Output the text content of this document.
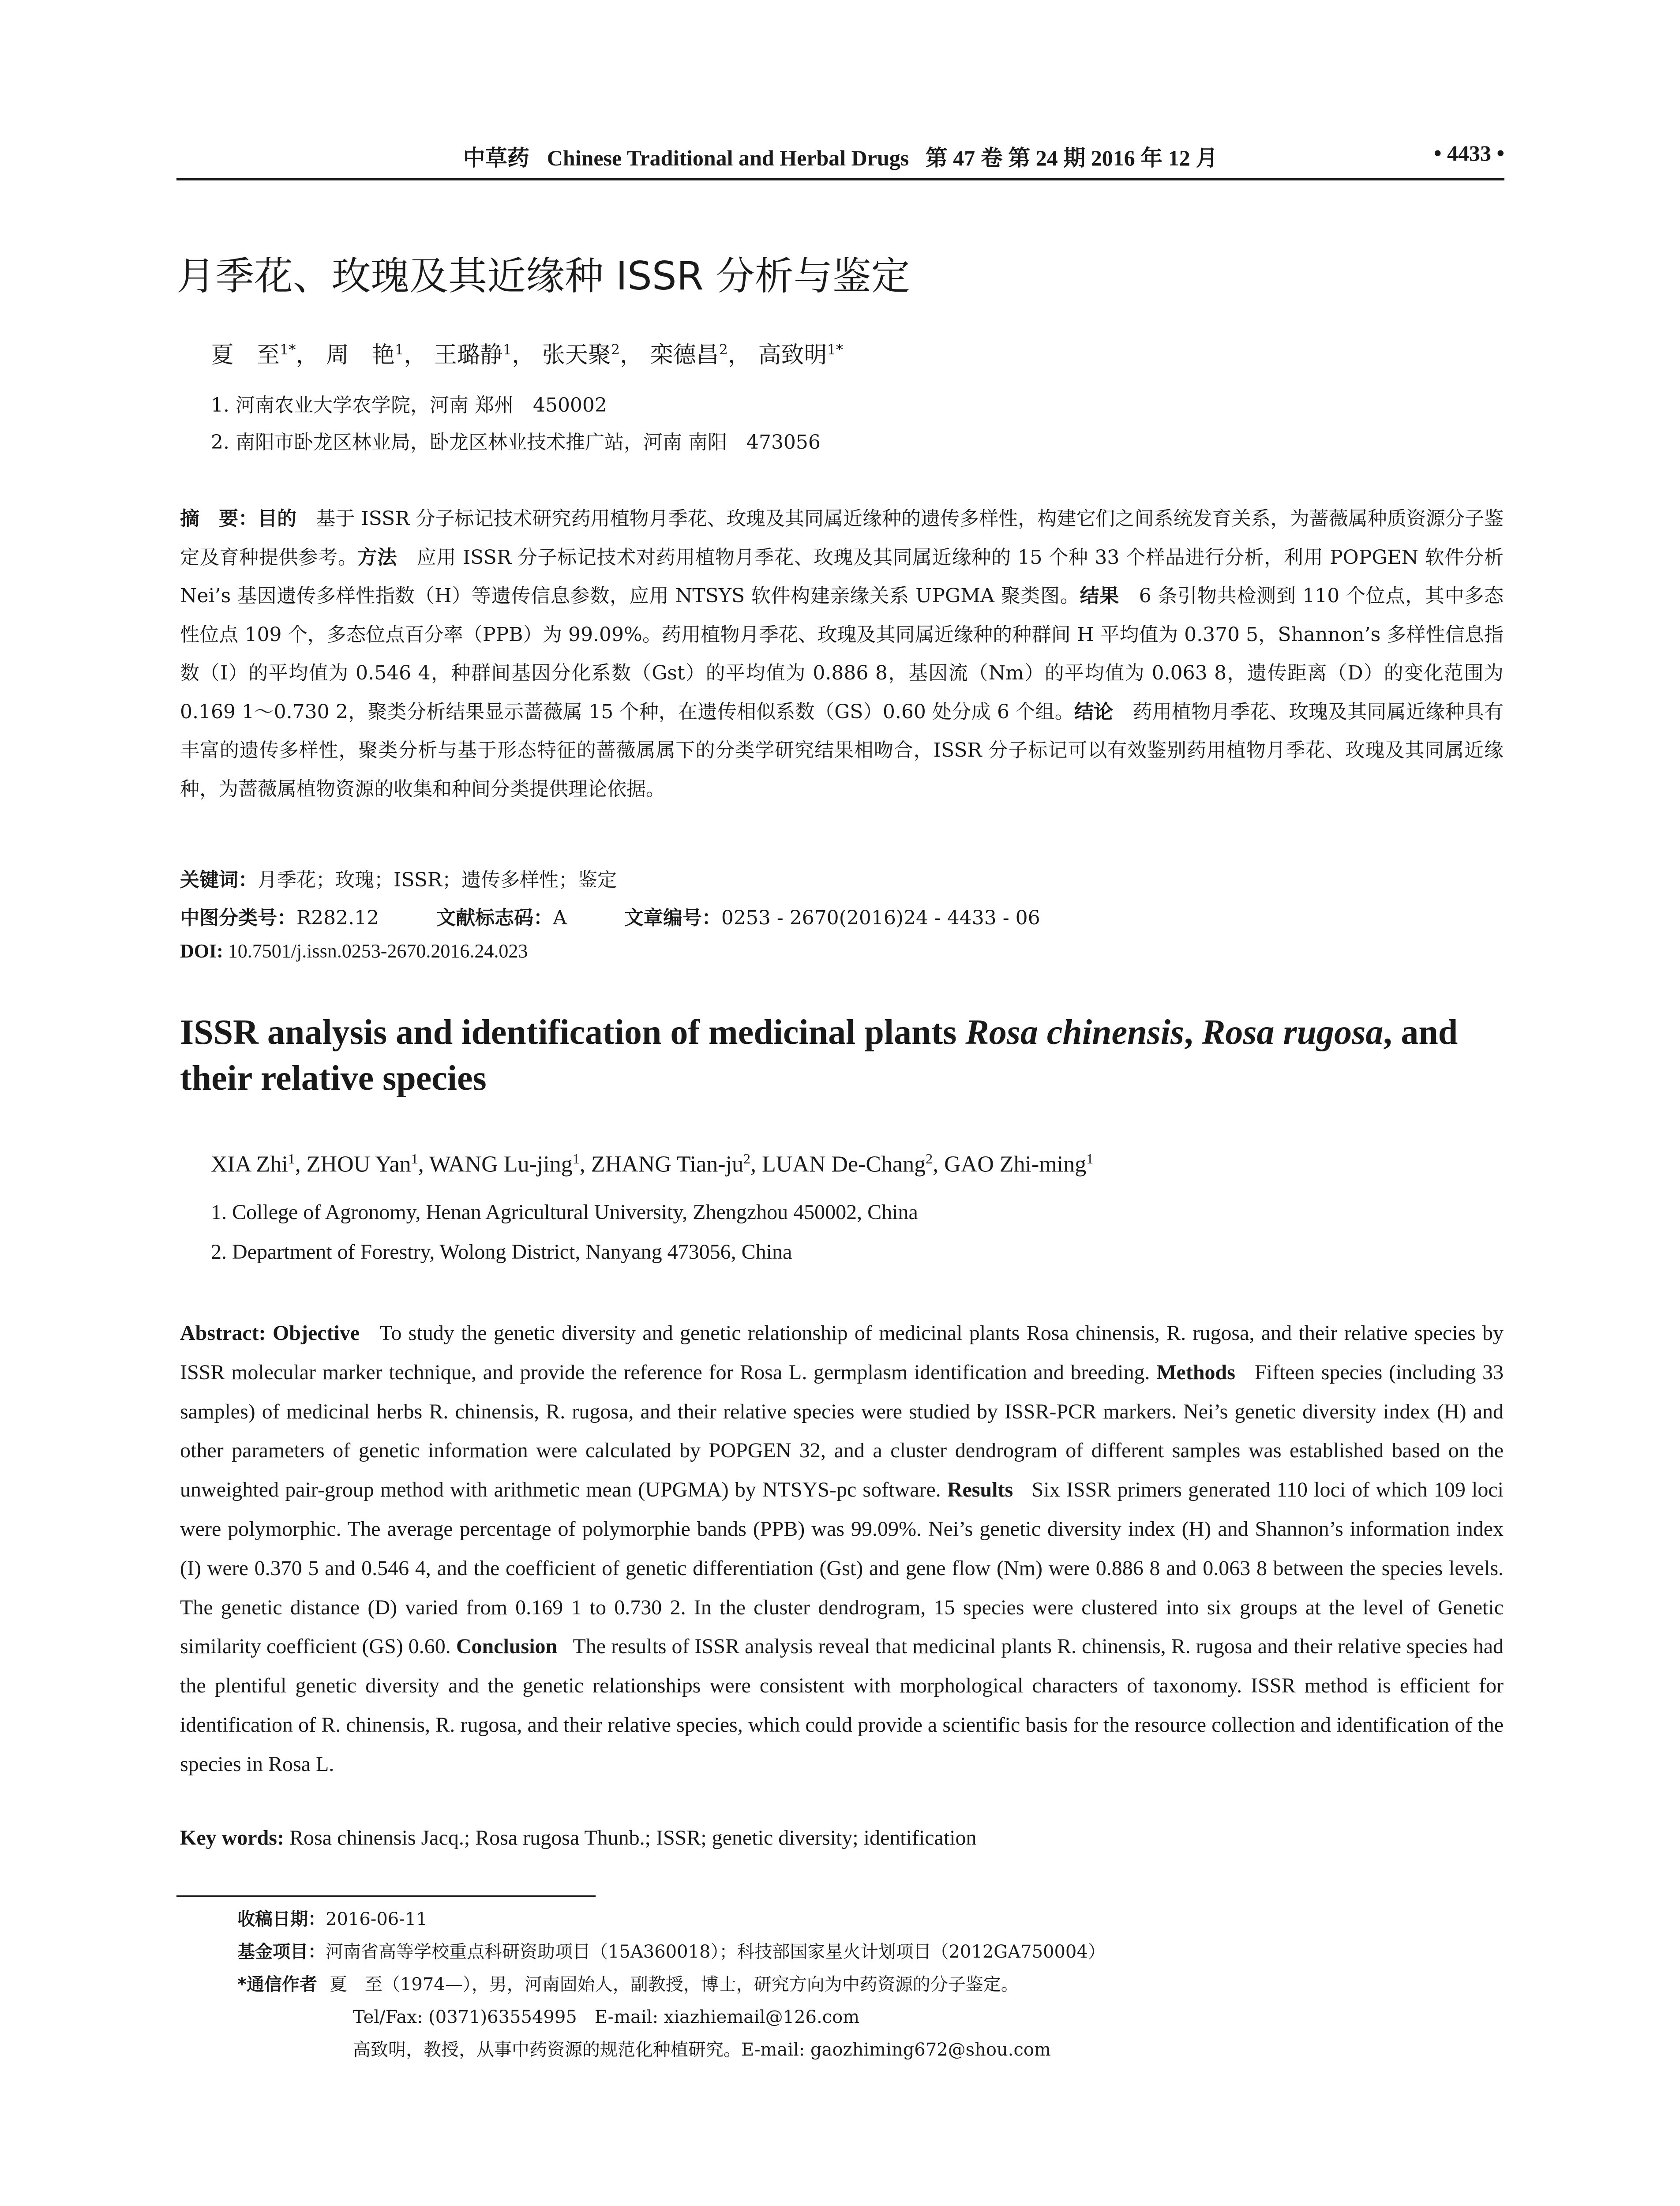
中草药 Chinese Traditional and Herbal Drugs 第 47 卷 第 24 期 2016 年 12 月	• 4433 •
月季花、玫瑰及其近缘种 ISSR 分析与鉴定
夏　至$^{1*}$， 周　艳$^1$， 王璐静$^1$， 张天聚$^2$， 栾德昌$^2$， 高致明$^{1*}$
1. 河南农业大学农学院，河南 郑州　450002
2. 南阳市卧龙区林业局，卧龙区林业技术推广站，河南 南阳　473056
摘　要：目的　 基于 ISSR 分子标记技术研究药用植物月季花、玫瑰及其同属近缘种的遗传多样性，构建它们之间系统发育关系，为蔷薇属种质资源分子鉴定及育种提供参考。方法　 应用 ISSR 分子标记技术对药用植物月季花、玫瑰及其同属近缘种的 15 个种 33 个样品进行分析，利用 POPGEN 软件分析 Nei’s 基因遗传多样性指数（H）等遗传信息参数，应用 NTSYS 软件构建亲缘关系 UPGMA 聚类图。结果　 6 条引物共检测到 110 个位点，其中多态性位点 109 个，多态位点百分率（PPB）为 99.09%。药用植物月季花、玫瑰及其同属近缘种的种群间 H 平均值为 0.370 5，Shannon’s 多样性信息指数（I）的平均值为 0.546 4，种群间基因分化系数（Gst）的平均值为 0.886 8，基因流（Nm）的平均值为 0.063 8，遗传距离（D）的变化范围为 0.169 1～0.730 2，聚类分析结果显示蔷薇属 15 个种，在遗传相似系数（GS）0.60 处分成 6 个组。结论　 药用植物月季花、玫瑰及其同属近缘种具有丰富的遗传多样性，聚类分析与基于形态特征的蔷薇属属下的分类学研究结果相吻合，ISSR 分子标记可以有效鉴别药用植物月季花、玫瑰及其同属近缘种，为蔷薇属植物资源的收集和种间分类提供理论依据。
关键词：月季花；玫瑰；ISSR；遗传多样性；鉴定
中图分类号：R282.12	文献标志码：A	文章编号：0253 - 2670(2016)24 - 4433 - 06
DOI: 10.7501/j.issn.0253-2670.2016.24.023
ISSR analysis and identification of medicinal plants Rosa chinensis, Rosa rugosa, and their relative species
XIA Zhi$^1$, ZHOU Yan$^1$, WANG Lu-jing$^1$, ZHANG Tian-$ju^2$, LUAN De-Chang$^2$, GAO Zhi-ming$^1$
1. College of Agronomy, Henan Agricultural University, Zhengzhou 450002, China
2. Department of Forestry, Wolong District, Nanyang 473056, China
Abstract: Objective To study the genetic diversity and genetic relationship of medicinal plants Rosa chinensis, R. rugosa, and their relative species by ISSR molecular marker technique, and provide the reference for Rosa L. germplasm identification and breeding. Methods Fifteen species (including 33 samples) of medicinal herbs R. chinensis, R. rugosa, and their relative species were studied by ISSR-PCR markers. Nei’s genetic diversity index (H) and other parameters of genetic information were calculated by POPGEN 32, and a cluster dendrogram of different samples was established based on the unweighted pair-group method with arithmetic mean (UPGMA) by NTSYS-pc software. Results Six ISSR primers generated 110 loci of which 109 loci were polymorphic. The average percentage of polymorphie bands (PPB) was 99.09%. Nei’s genetic diversity index (H) and Shannon’s information index (I) were 0.370 5 and 0.546 4, and the coefficient of genetic differentiation (Gst) and gene flow (Nm) were 0.886 8 and 0.063 8 between the species levels. The genetic distance (D) varied from 0.169 1 to 0.730 2. In the cluster dendrogram, 15 species were clustered into six groups at the level of Genetic similarity coefficient (GS) 0.60. Conclusion The results of ISSR analysis reveal that medicinal plants R. chinensis, R. rugosa and their relative species had the plentiful genetic diversity and the genetic relationships were consistent with morphological characters of taxonomy. ISSR method is efficient for identification of R. chinensis, R. rugosa, and their relative species, which could provide a scientific basis for the resource collection and identification of the species in Rosa L.
Key words: Rosa chinensis Jacq.; Rosa rugosa Thunb.; ISSR; genetic diversity; identification
收稿日期：2016-06-11
基金项目：河南省高等学校重点科研资助项目（15A360018）；科技部国家星火计划项目（2012GA750004）
*通信作者 夏　至（1974—），男，河南固始人，副教授，博士，研究方向为中药资源的分子鉴定。
Tel/Fax: (0371)63554995　E-mail: xiazhiemail@126.com
高致明，教授，从事中药资源的规范化种植研究。E-mail: gaozhiming672@shou.com
